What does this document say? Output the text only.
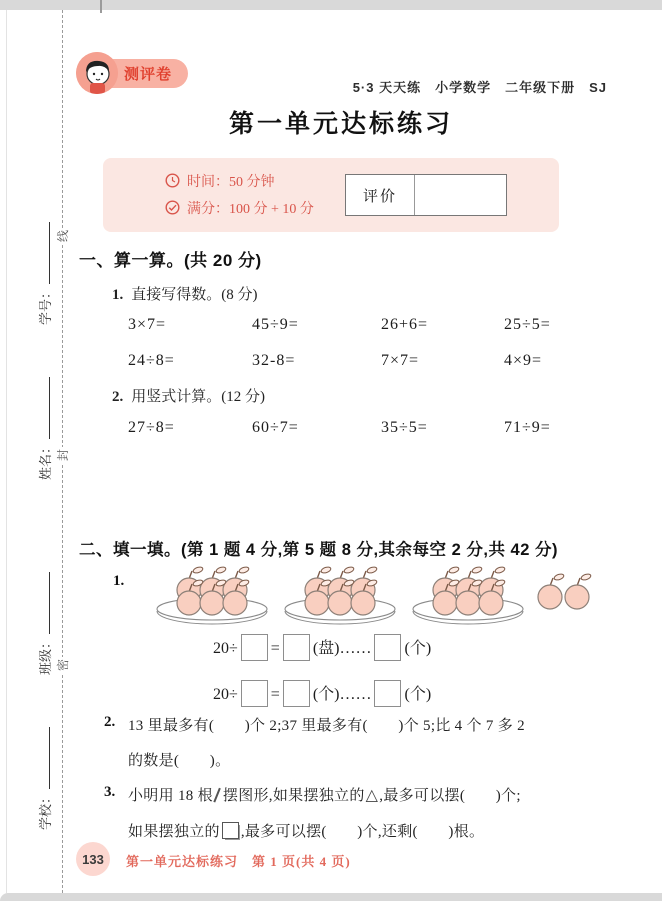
线
封
密
学号：
姓名：
班级：
学校：
测评卷
5·3 天天练　小学数学　二年级下册　SJ
第一单元达标练习
时间：50 分钟
满分：100 分 + 10 分
评价
一、算一算。(共 20 分)
1. 直接写得数。(8 分)
3×7=	45÷9=	26+6=	25÷5=
24÷8=	32-8=	7×7=	4×9=
2. 用竖式计算。(12 分)
27÷8=	60÷7=	35÷5=	71÷9=
二、填一填。(第 1 题 4 分,第 5 题 8 分,其余每空 2 分,共 42 分)
1.
20÷ = (盘)…… (个)
20÷ = (个)…… (个)
2. 13 里最多有(　　)个 2;37 里最多有(　　)个 5;比 4 个 7 多 2
的数是(　　)。
3. 小明用 18 根 摆图形,如果摆独立的△,最多可以摆(　　)个;
如果摆独立的 ,最多可以摆(　　)个,还剩(　　)根。
133	第一单元达标练习　第 1 页(共 4 页)
